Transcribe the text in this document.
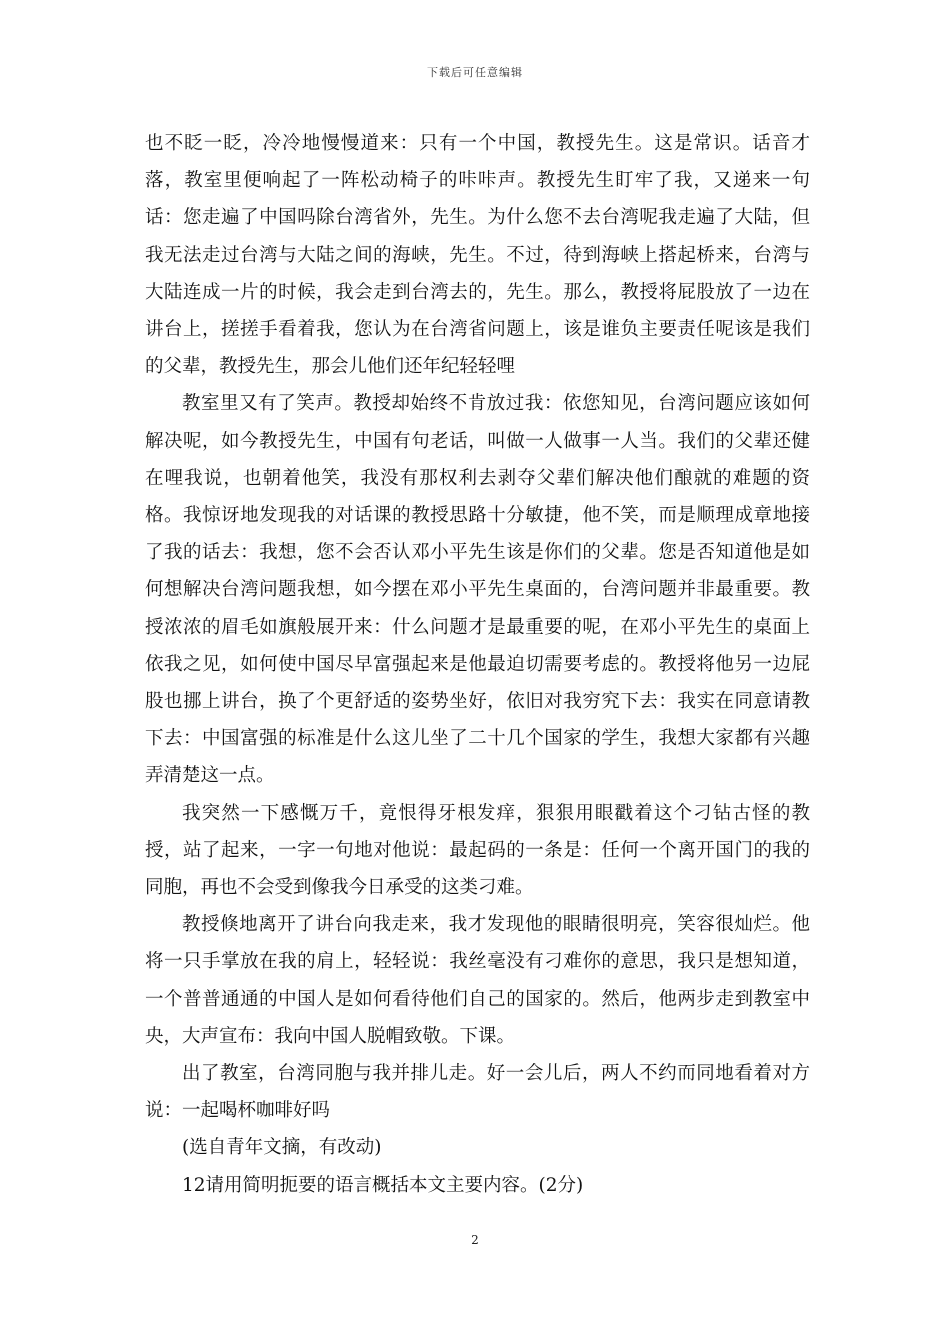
下载后可任意编辑

也不眨一眨，冷冷地慢慢道来：只有一个中国，教授先生。这是常识。话音才落，教室里便响起了一阵松动椅子的咔咔声。教授先生盯牢了我，又递来一句话：您走遍了中国吗除台湾省外，先生。为什么您不去台湾呢我走遍了大陆，但我无法走过台湾与大陆之间的海峡，先生。不过，待到海峡上搭起桥来，台湾与大陆连成一片的时候，我会走到台湾去的，先生。那么，教授将屁股放了一边在讲台上，搓搓手看着我，您认为在台湾省问题上，该是谁负主要责任呢该是我们的父辈，教授先生，那会儿他们还年纪轻轻哩

教室里又有了笑声。教授却始终不肯放过我：依您知见，台湾问题应该如何解决呢，如今教授先生，中国有句老话，叫做一人做事一人当。我们的父辈还健在哩我说，也朝着他笑，我没有那权利去剥夺父辈们解决他们酿就的难题的资格。我惊讶地发现我的对话课的教授思路十分敏捷，他不笑，而是顺理成章地接了我的话去：我想，您不会否认邓小平先生该是你们的父辈。您是否知道他是如何想解决台湾问题我想，如今摆在邓小平先生桌面的，台湾问题并非最重要。教授浓浓的眉毛如旗般展开来：什么问题才是最重要的呢，在邓小平先生的桌面上依我之见，如何使中国尽早富强起来是他最迫切需要考虑的。教授将他另一边屁股也挪上讲台，换了个更舒适的姿势坐好，依旧对我穷究下去：我实在同意请教下去：中国富强的标准是什么这儿坐了二十几个国家的学生，我想大家都有兴趣弄清楚这一点。

我突然一下感慨万千，竟恨得牙根发痒，狠狠用眼戳着这个刁钻古怪的教授，站了起来，一字一句地对他说：最起码的一条是：任何一个离开国门的我的同胞，再也不会受到像我今日承受的这类刁难。

教授倏地离开了讲台向我走来，我才发现他的眼睛很明亮，笑容很灿烂。他将一只手掌放在我的肩上，轻轻说：我丝毫没有刁难你的意思，我只是想知道，一个普普通通的中国人是如何看待他们自己的国家的。然后，他两步走到教室中央，大声宣布：我向中国人脱帽致敬。下课。

出了教室，台湾同胞与我并排儿走。好一会儿后，两人不约而同地看着对方说：一起喝杯咖啡好吗

(选自青年文摘，有改动)

12请用简明扼要的语言概括本文主要内容。(2分)

2
